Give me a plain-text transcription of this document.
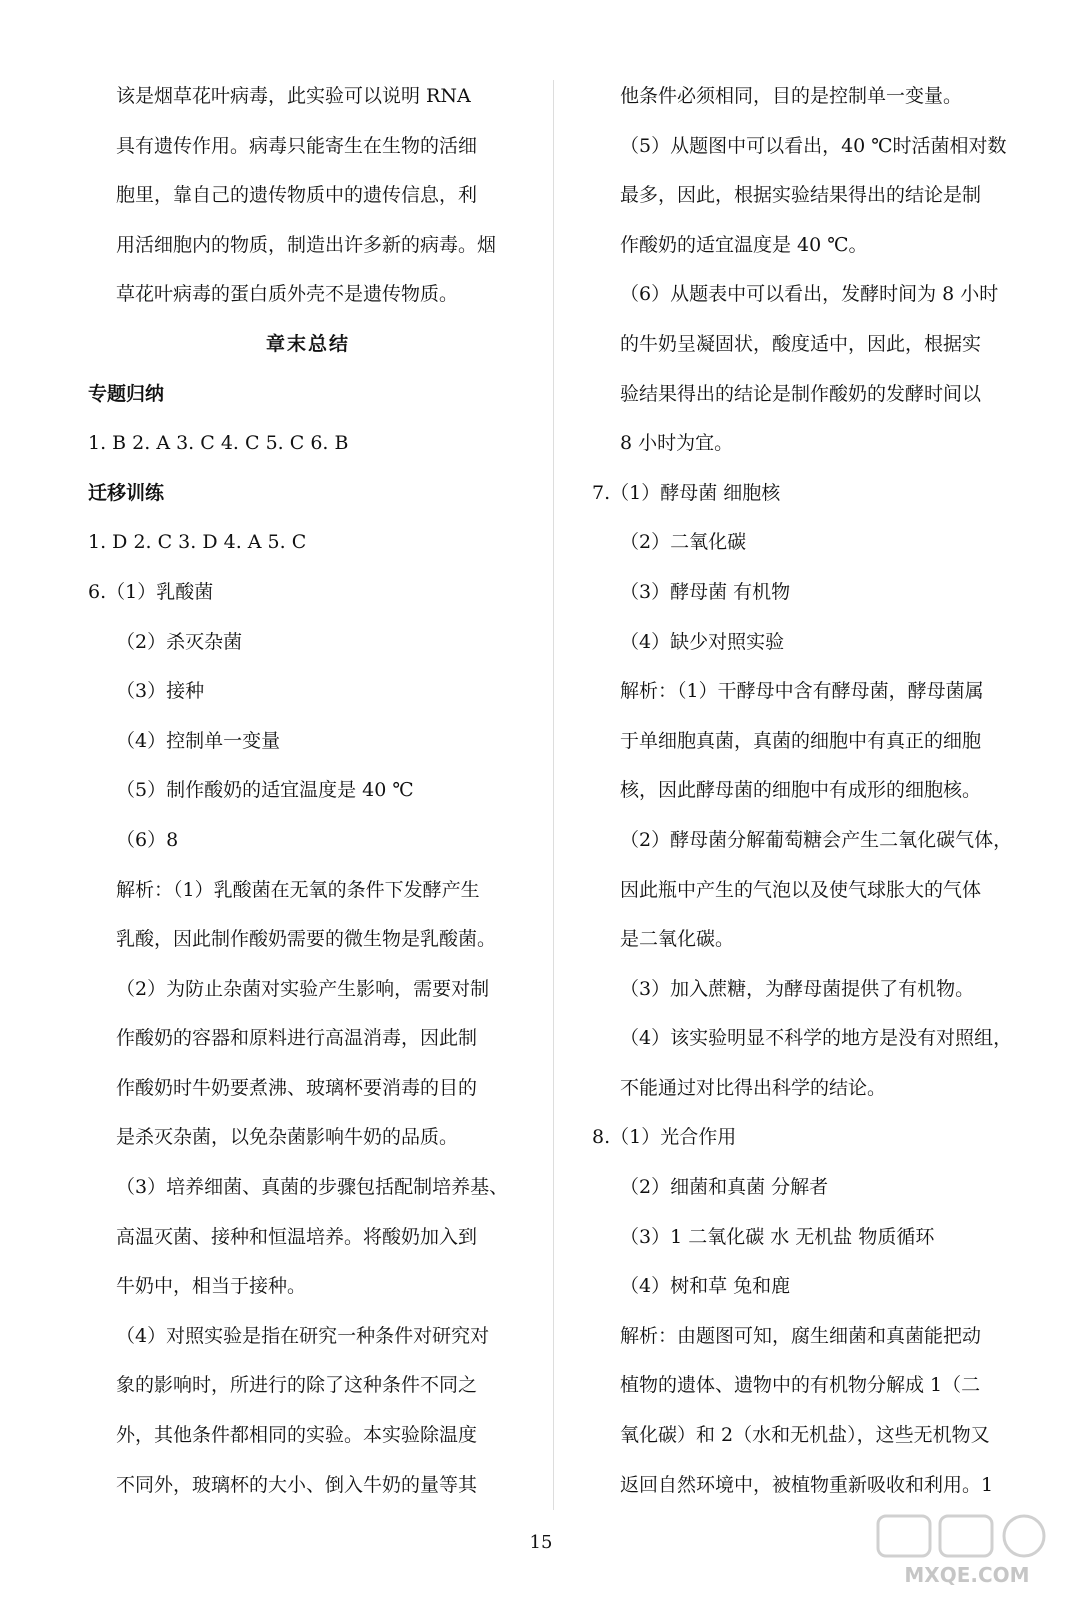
该是烟草花叶病毒，此实验可以说明 RNA
具有遗传作用。病毒只能寄生在生物的活细
胞里，靠自己的遗传物质中的遗传信息，利
用活细胞内的物质，制造出许多新的病毒。烟
草花叶病毒的蛋白质外壳不是遗传物质。
章末总结
专题归纳
1. B 2. A 3. C 4. C 5. C 6. B
迁移训练
1. D 2. C 3. D 4. A 5. C
6.（1）乳酸菌
（2）杀灭杂菌
（3）接种
（4）控制单一变量
（5）制作酸奶的适宜温度是 40 ℃
（6）8
解析：（1）乳酸菌在无氧的条件下发酵产生
乳酸，因此制作酸奶需要的微生物是乳酸菌。
（2）为防止杂菌对实验产生影响，需要对制
作酸奶的容器和原料进行高温消毒，因此制
作酸奶时牛奶要煮沸、玻璃杯要消毒的目的
是杀灭杂菌，以免杂菌影响牛奶的品质。
（3）培养细菌、真菌的步骤包括配制培养基、
高温灭菌、接种和恒温培养。将酸奶加入到
牛奶中，相当于接种。
（4）对照实验是指在研究一种条件对研究对
象的影响时，所进行的除了这种条件不同之
外，其他条件都相同的实验。本实验除温度
不同外，玻璃杯的大小、倒入牛奶的量等其
他条件必须相同，目的是控制单一变量。
（5）从题图中可以看出，40 ℃时活菌相对数
最多，因此，根据实验结果得出的结论是制
作酸奶的适宜温度是 40 ℃。
（6）从题表中可以看出，发酵时间为 8 小时
的牛奶呈凝固状，酸度适中，因此，根据实
验结果得出的结论是制作酸奶的发酵时间以
8 小时为宜。
7.（1）酵母菌 细胞核
（2）二氧化碳
（3）酵母菌 有机物
（4）缺少对照实验
解析：（1）干酵母中含有酵母菌，酵母菌属
于单细胞真菌，真菌的细胞中有真正的细胞
核，因此酵母菌的细胞中有成形的细胞核。
（2）酵母菌分解葡萄糖会产生二氧化碳气体，
因此瓶中产生的气泡以及使气球胀大的气体
是二氧化碳。
（3）加入蔗糖，为酵母菌提供了有机物。
（4）该实验明显不科学的地方是没有对照组，
不能通过对比得出科学的结论。
8.（1）光合作用
（2）细菌和真菌 分解者
（3）1 二氧化碳 水 无机盐 物质循环
（4）树和草 兔和鹿
解析：由题图可知，腐生细菌和真菌能把动
植物的遗体、遗物中的有机物分解成 1（二
氧化碳）和 2（水和无机盐），这些无机物又
返回自然环境中，被植物重新吸收和利用。1
15
MXQE.COM
